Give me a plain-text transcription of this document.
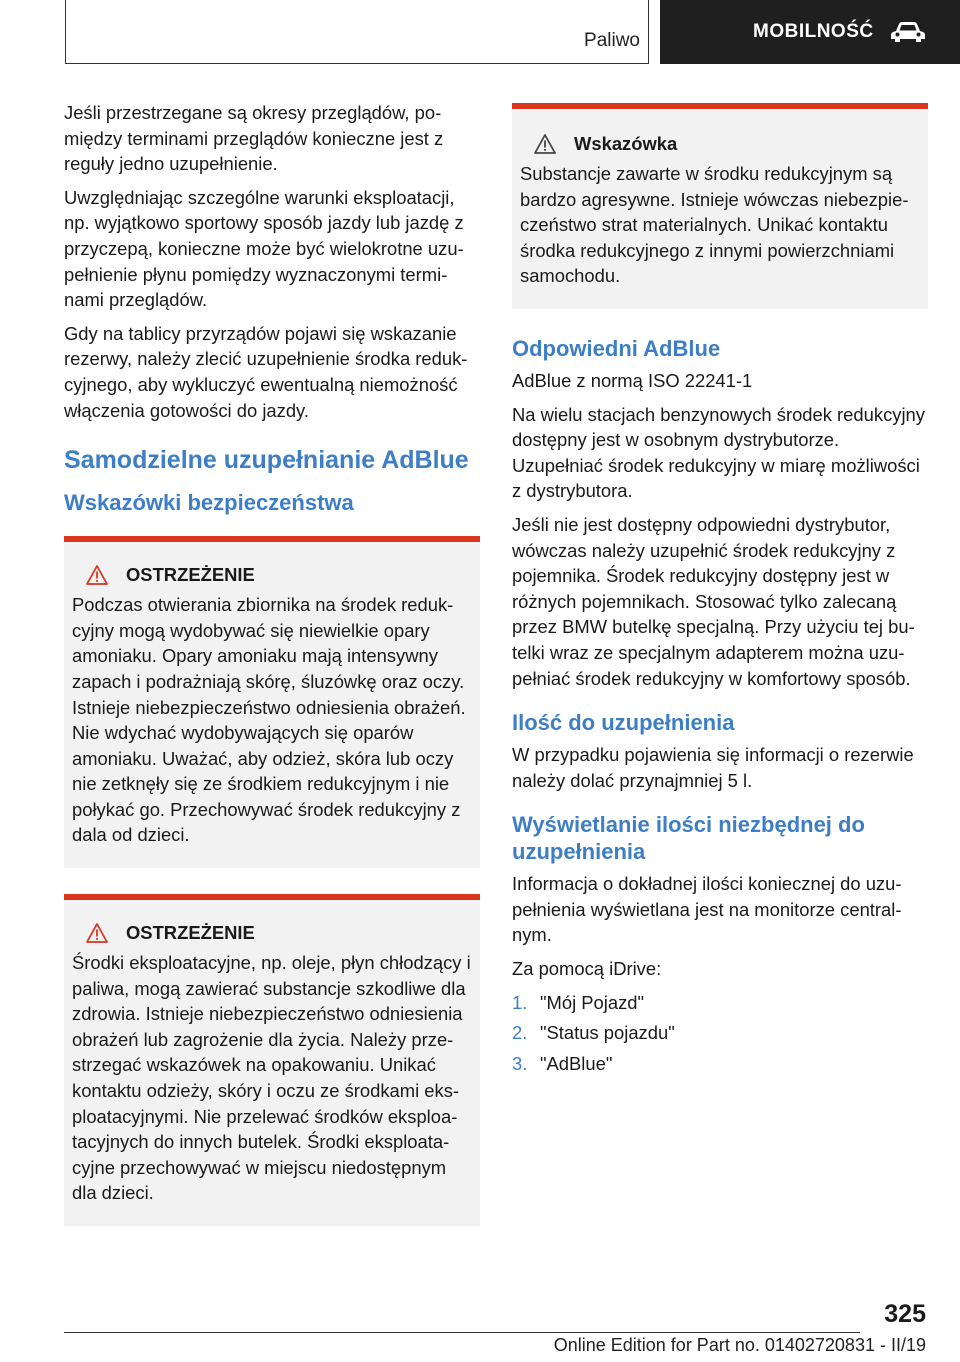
Paliwo	MOBILNOŚĆ

Jeśli przestrzegane są okresy przeglądów, pomiędzy terminami przeglądów konieczne jest z reguły jedno uzupełnienie.

Uwzględniając szczególne warunki eksploatacji, np. wyjątkowo sportowy sposób jazdy lub jazdę z przyczepą, konieczne może być wielokrotne uzupełnienie płynu pomiędzy wyznaczonymi terminami przeglądów.

Gdy na tablicy przyrządów pojawi się wskazanie rezerwy, należy zlecić uzupełnienie środka redukcyjnego, aby wykluczyć ewentualną niemożność włączenia gotowości do jazdy.

Samodzielne uzupełnianie AdBlue
Wskazówki bezpieczeństwa
OSTRZEŻENIE

Podczas otwierania zbiornika na środek redukcyjny mogą wydobywać się niewielkie opary amoniaku. Opary amoniaku mają intensywny zapach i podrażniają skórę, śluzówkę oraz oczy. Istnieje niebezpieczeństwo odniesienia obrażeń. Nie wdychać wydobywających się oparów amoniaku. Uważać, aby odzież, skóra lub oczy nie zetknęły się ze środkiem redukcyjnym i nie połykać go. Przechowywać środek redukcyjny z dala od dzieci.

OSTRZEŻENIE

Środki eksploatacyjne, np. oleje, płyn chłodzący i paliwa, mogą zawierać substancje szkodliwe dla zdrowia. Istnieje niebezpieczeństwo odniesienia obrażeń lub zagrożenie dla życia. Należy przestrzegać wskazówek na opakowaniu. Unikać kontaktu odzieży, skóry i oczu ze środkami eksploatacyjnymi. Nie przelewać środków eksploatacyjnych do innych butelek. Środki eksploatacyjne przechowywać w miejscu niedostępnym dla dzieci.

Wskazówka

Substancje zawarte w środku redukcyjnym są bardzo agresywne. Istnieje wówczas niebezpieczeństwo strat materialnych. Unikać kontaktu środka redukcyjnego z innymi powierzchniami samochodu.

Odpowiedni AdBlue

AdBlue z normą ISO 22241-1

Na wielu stacjach benzynowych środek redukcyjny dostępny jest w osobnym dystrybutorze. Uzupełniać środek redukcyjny w miarę możliwości z dystrybutora.

Jeśli nie jest dostępny odpowiedni dystrybutor, wówczas należy uzupełnić środek redukcyjny z pojemnika. Środek redukcyjny dostępny jest w różnych pojemnikach. Stosować tylko zalecaną przez BMW butelkę specjalną. Przy użyciu tej butelki wraz ze specjalnym adapterem można uzupełniać środek redukcyjny w komfortowy sposób.

Ilość do uzupełnienia

W przypadku pojawienia się informacji o rezerwie należy dolać przynajmniej 5 l.

Wyświetlanie ilości niezbędnej do uzupełnienia

Informacja o dokładnej ilości koniecznej do uzupełnienia wyświetlana jest na monitorze centralnym.

Za pomocą iDrive:

1. "Mój Pojazd"
2. "Status pojazdu"
3. "AdBlue"
325
Online Edition for Part no. 01402720831 - II/19
